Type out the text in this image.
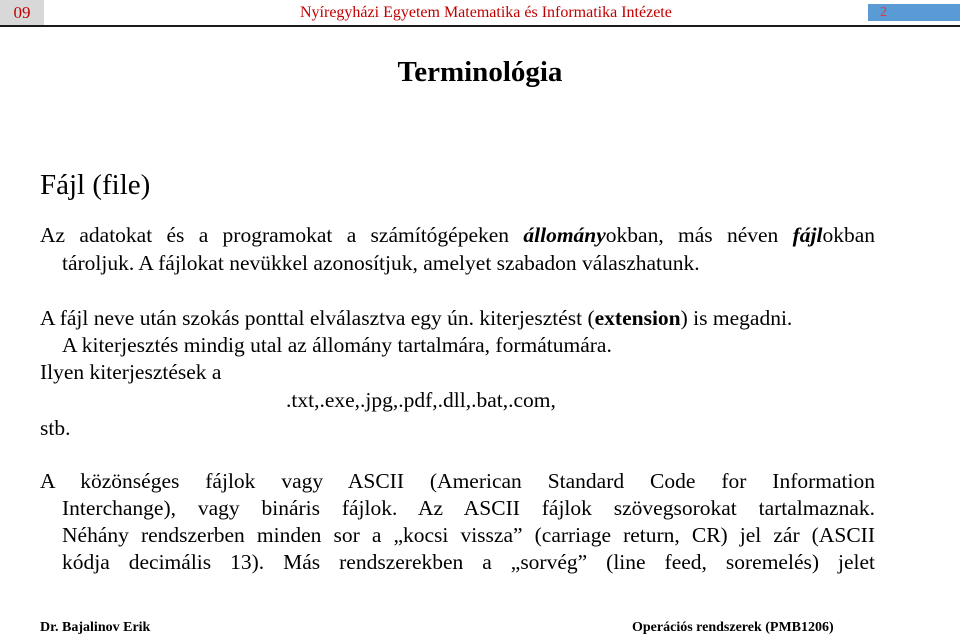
09	Nyíregyházi Egyetem Matematika és Informatika Intézete	2
Terminológia
Fájl (file)
Az adatokat és a programokat a számítógépeken állományokban, más néven fájlokban
tároljuk. A fájlokat nevükkel azonosítjuk, amelyet szabadon válaszhatunk.
A fájl neve után szokás ponttal elválasztva egy ún. kiterjesztést (extension) is megadni.
A kiterjesztés mindig utal az állomány tartalmára, formátumára.
Ilyen kiterjesztések a
.txt,.exe,.jpg,.pdf,.dll,.bat,.com,
stb.
A közönséges fájlok vagy ASCII (American Standard Code for Information
Interchange), vagy bináris fájlok. Az ASCII fájlok szövegsorokat tartalmaznak.
Néhány rendszerben minden sor a „kocsi vissza” (carriage return, CR) jel zár (ASCII
kódja decimális 13). Más rendszerekben a „sorvég” (line feed, soremelés) jelet
Dr. Bajalinov Erik	Operációs rendszerek (PMB1206)
